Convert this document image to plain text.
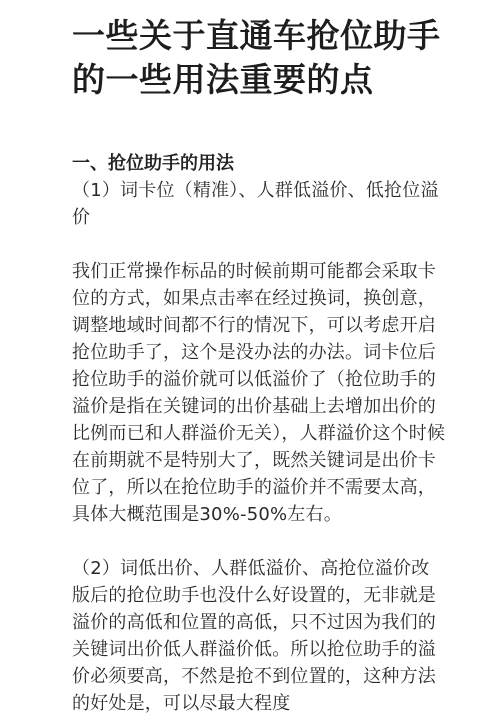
一些关于直通车抢位助手的一些用法重要的点
一、抢位助手的用法

（1）词卡位（精准）、人群低溢价、低抢位溢价

我们正常操作标品的时候前期可能都会采取卡位的方式，如果点击率在经过换词，换创意，调整地域时间都不行的情况下，可以考虑开启抢位助手了，这个是没办法的办法。词卡位后抢位助手的溢价就可以低溢价了（抢位助手的溢价是指在关键词的出价基础上去增加出价的比例而已和人群溢价无关），人群溢价这个时候在前期就不是特别大了，既然关键词是出价卡位了，所以在抢位助手的溢价并不需要太高，具体大概范围是30%-50%左右。

（2）词低出价、人群低溢价、高抢位溢价改版后的抢位助手也没什么好设置的，无非就是溢价的高低和位置的高低，只不过因为我们的关键词出价低人群溢价低。所以抢位助手的溢价必须要高，不然是抢不到位置的，这种方法的好处是，可以尽最大程度
